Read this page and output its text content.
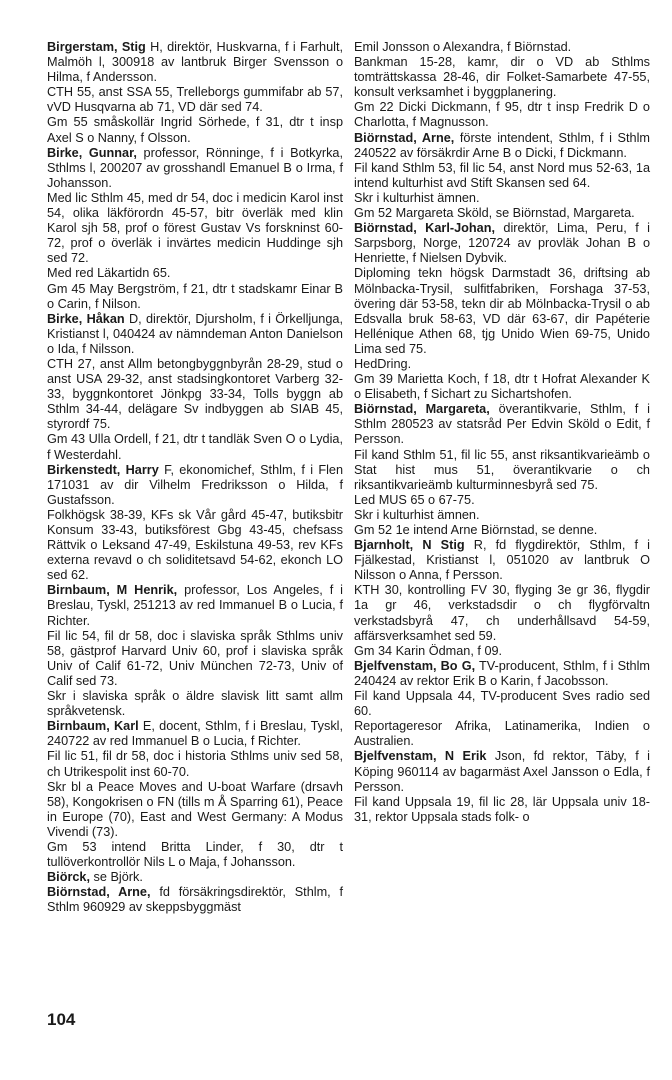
Birgerstam, Stig H, direktör, Huskvarna, f i Farhult, Malmöh l, 300918 av lantbruk Birger Svensson o Hilma, f Andersson.

CTH 55, anst SSA 55, Trelleborgs gummifabr ab 57, vVD Husqvarna ab 71, VD där sed 74.

Gm 55 småskollär Ingrid Sörhede, f 31, dtr t insp Axel S o Nanny, f Olsson.

Birke, Gunnar, professor, Rönninge, f i Botkyrka, Sthlms l, 200207 av grosshandl Emanuel B o Irma, f Johansson.

Med lic Sthlm 45, med dr 54, doc i medicin Karol inst 54, olika läkförordn 45-57, bitr överläk med klin Karol sjh 58, prof o förest Gustav Vs forskninst 60-72, prof o överläk i invärtes medicin Huddinge sjh sed 72.

Med red Läkartidn 65.

Gm 45 May Bergström, f 21, dtr t stadskamr Einar B o Carin, f Nilson.

Birke, Håkan D, direktör, Djursholm, f i Örkelljunga, Kristianst l, 040424 av nämndeman Anton Danielson o Ida, f Nilsson.

CTH 27, anst Allm betongbyggnbyrån 28-29, stud o anst USA 29-32, anst stadsingkontoret Varberg 32-33, byggnkontoret Jönkpg 33-34, Tolls byggn ab Sthlm 34-44, delägare Sv indbyggen ab SIAB 45, styrordf 75.

Gm 43 Ulla Ordell, f 21, dtr t tandläk Sven O o Lydia, f Westerdahl.

Birkenstedt, Harry F, ekonomichef, Sthlm, f i Flen 171031 av dir Vilhelm Fredriksson o Hilda, f Gustafsson.

Folkhögsk 38-39, KFs sk Vår gård 45-47, butiksbitr Konsum 33-43, butiksförest Gbg 43-45, chefsass Rättvik o Leksand 47-49, Eskilstuna 49-53, rev KFs externa revavd o ch soliditetsavd 54-62, ekonch LO sed 62.

Birnbaum, M Henrik, professor, Los Angeles, f i Breslau, Tyskl, 251213 av red Immanuel B o Lucia, f Richter.

Fil lic 54, fil dr 58, doc i slaviska språk Sthlms univ 58, gästprof Harvard Univ 60, prof i slaviska språk Univ of Calif 61-72, Univ München 72-73, Univ of Calif sed 73.

Skr i slaviska språk o äldre slavisk litt samt allm språkvetensk.

Birnbaum, Karl E, docent, Sthlm, f i Breslau, Tyskl, 240722 av red Immanuel B o Lucia, f Richter.

Fil lic 51, fil dr 58, doc i historia Sthlms univ sed 58, ch Utrikespolit inst 60-70.

Skr bl a Peace Moves and U-boat Warfare (drsavh 58), Kongokrisen o FN (tills m Å Sparring 61), Peace in Europe (70), East and West Germany: A Modus Vivendi (73).

Gm 53 intend Britta Linder, f 30, dtr t tullöverkontrollör Nils L o Maja, f Johansson.

Biörck, se Björk.

Biörnstad, Arne, fd försäkringsdirektör, Sthlm, f Sthlm 960929 av skeppsbyggmäst

Emil Jonsson o Alexandra, f Biörnstad.

Bankman 15-28, kamr, dir o VD ab Sthlms tomträttskassa 28-46, dir Folket-Samarbete 47-55, konsult verksamhet i byggplanering.

Gm 22 Dicki Dickmann, f 95, dtr t insp Fredrik D o Charlotta, f Magnusson.

Biörnstad, Arne, förste intendent, Sthlm, f i Sthlm 240522 av försäkrdir Arne B o Dicki, f Dickmann.

Fil kand Sthlm 53, fil lic 54, anst Nord mus 52-63, 1a intend kulturhist avd Stift Skansen sed 64.

Skr i kulturhist ämnen.

Gm 52 Margareta Sköld, se Biörnstad, Margareta.

Biörnstad, Karl-Johan, direktör, Lima, Peru, f i Sarpsborg, Norge, 120724 av provläk Johan B o Henriette, f Nielsen Dybvik.

Diploming tekn högsk Darmstadt 36, driftsing ab Mölnbacka-Trysil, sulfitfabriken, Forshaga 37-53, övering där 53-58, tekn dir ab Mölnbacka-Trysil o ab Edsvalla bruk 58-63, VD där 63-67, dir Papéterie Hellénique Athen 68, tjg Unido Wien 69-75, Unido Lima sed 75.

HedDring.

Gm 39 Marietta Koch, f 18, dtr t Hofrat Alexander K o Elisabeth, f Sichart zu Sichartshofen.

Biörnstad, Margareta, överantikvarie, Sthlm, f i Sthlm 280523 av statsråd Per Edvin Sköld o Edit, f Persson.

Fil kand Sthlm 51, fil lic 55, anst riksantikvarieämb o Stat hist mus 51, överantikvarie o ch riksantikvarieämb kulturminnesbyrå sed 75.

Led MUS 65 o 67-75.

Skr i kulturhist ämnen.

Gm 52 1e intend Arne Biörnstad, se denne.

Bjarnholt, N Stig R, fd flygdirektör, Sthlm, f i Fjälkestad, Kristianst l, 051020 av lantbruk O Nilsson o Anna, f Persson.

KTH 30, kontrolling FV 30, flyging 3e gr 36, flygdir 1a gr 46, verkstadsdir o ch flygförvaltn verkstadsbyrå 47, ch underhållsavd 54-59, affärsverksamhet sed 59.

Gm 34 Karin Ödman, f 09.

Bjelfvenstam, Bo G, TV-producent, Sthlm, f i Sthlm 240424 av rektor Erik B o Karin, f Jacobsson.

Fil kand Uppsala 44, TV-producent Sves radio sed 60.

Reportageresor Afrika, Latinamerika, Indien o Australien.

Bjelfvenstam, N Erik Json, fd rektor, Täby, f i Köping 960114 av bagarmäst Axel Jansson o Edla, f Persson.

Fil kand Uppsala 19, fil lic 28, lär Uppsala univ 18-31, rektor Uppsala stads folk- o

104
